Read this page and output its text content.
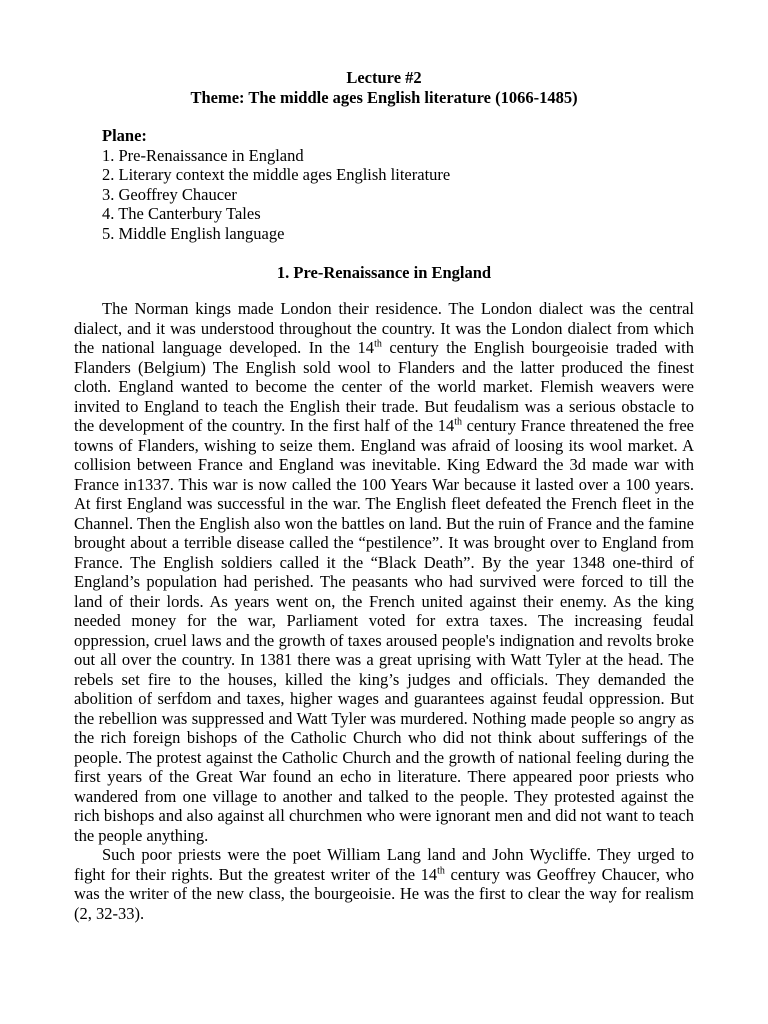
Lecture #2

Theme: The middle ages English literature (1066-1485)

Plane:

1. Pre-Renaissance in England
2. Literary context the middle ages English literature
3. Geoffrey Chaucer
4. The Canterbury Tales
5. Middle English language

1. Pre-Renaissance in England

The Norman kings made London their residence. The London dialect was the central dialect, and it was understood throughout the country. It was the London dialect from which the national language developed. In the 14th century the English bourgeoisie traded with Flanders (Belgium) The English sold wool to Flanders and the latter produced the finest cloth. England wanted to become the center of the world market. Flemish weavers were invited to England to teach the English their trade. But feudalism was a serious obstacle to the development of the country. In the first half of the 14th century France threatened the free towns of Flanders, wishing to seize them. England was afraid of loosing its wool market. A collision between France and England was inevitable. King Edward the 3d made war with France in1337. This war is now called the 100 Years War because it lasted over a 100 years. At first England was successful in the war. The English fleet defeated the French fleet in the Channel. Then the English also won the battles on land. But the ruin of France and the famine brought about a terrible disease called the “pestilence”. It was brought over to England from France. The English soldiers called it the “Black Death”. By the year 1348 one-third of England’s population had perished. The peasants who had survived were forced to till the land of their lords. As years went on, the French united against their enemy. As the king needed money for the war, Parliament voted for extra taxes. The increasing feudal oppression, cruel laws and the growth of taxes aroused people's indignation and revolts broke out all over the country. In 1381 there was a great uprising with Watt Tyler at the head. The rebels set fire to the houses, killed the king’s judges and officials. They demanded the abolition of serfdom and taxes, higher wages and guarantees against feudal oppression. But the rebellion was suppressed and Watt Tyler was murdered. Nothing made people so angry as the rich foreign bishops of the Catholic Church who did not think about sufferings of the people. The protest against the Catholic Church and the growth of national feeling during the first years of the Great War found an echo in literature. There appeared poor priests who wandered from one village to another and talked to the people. They protested against the rich bishops and also against all churchmen who were ignorant men and did not want to teach the people anything.

Such poor priests were the poet William Lang land and John Wycliffe. They urged to fight for their rights. But the greatest writer of the 14th century was Geoffrey Chaucer, who was the writer of the new class, the bourgeoisie. He was the first to clear the way for realism (2, 32-33).
